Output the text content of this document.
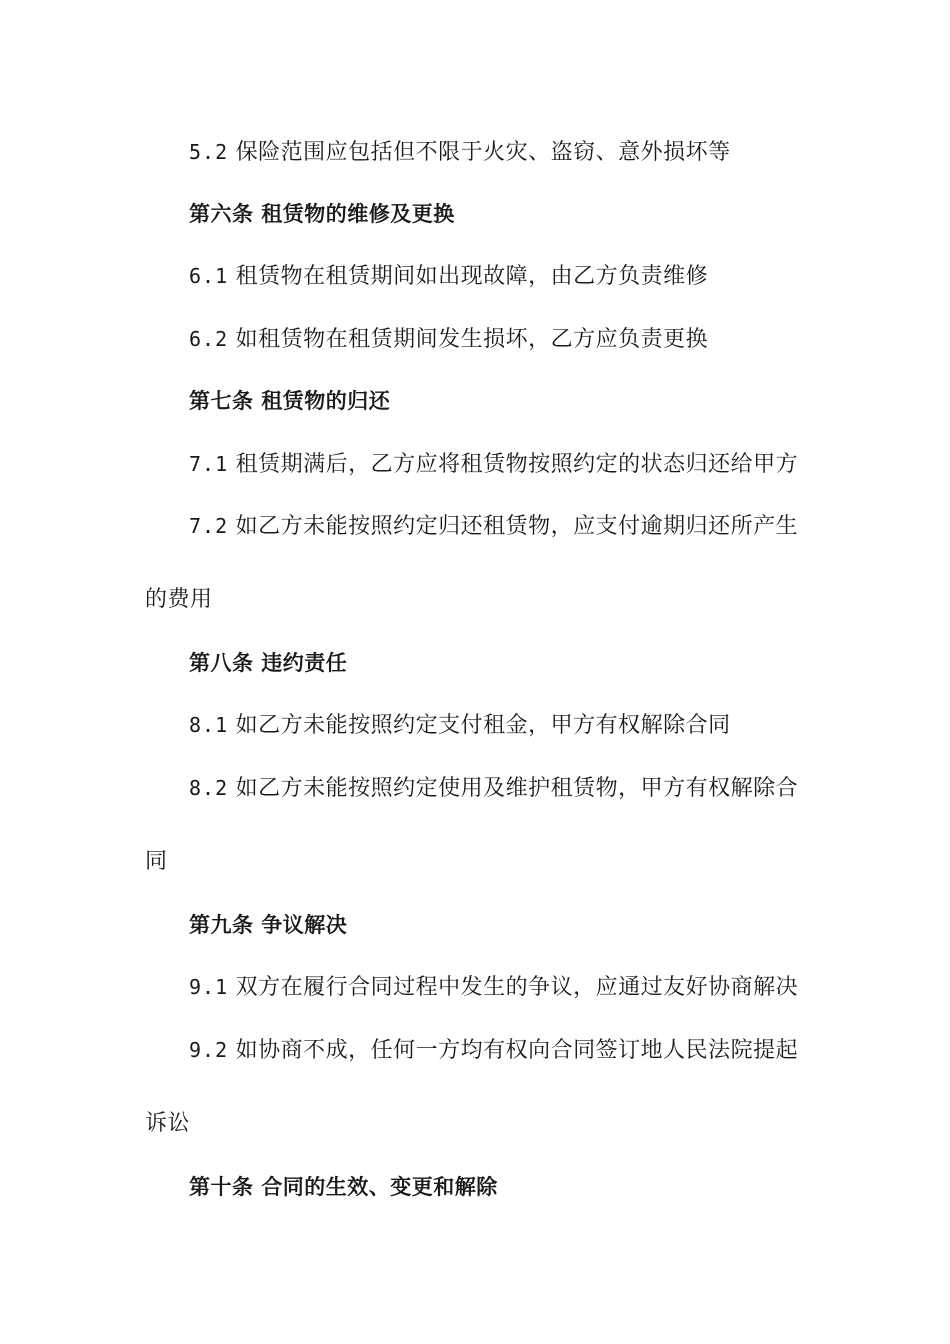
5.2 保险范围应包括但不限于火灾、盗窃、意外损坏等
第六条 租赁物的维修及更换
6.1 租赁物在租赁期间如出现故障，由乙方负责维修
6.2 如租赁物在租赁期间发生损坏，乙方应负责更换
第七条 租赁物的归还
7.1 租赁期满后，乙方应将租赁物按照约定的状态归还给甲方
7.2 如乙方未能按照约定归还租赁物，应支付逾期归还所产生
的费用
第八条 违约责任
8.1 如乙方未能按照约定支付租金，甲方有权解除合同
8.2 如乙方未能按照约定使用及维护租赁物，甲方有权解除合
同
第九条 争议解决
9.1 双方在履行合同过程中发生的争议，应通过友好协商解决
9.2 如协商不成，任何一方均有权向合同签订地人民法院提起
诉讼
第十条 合同的生效、变更和解除
